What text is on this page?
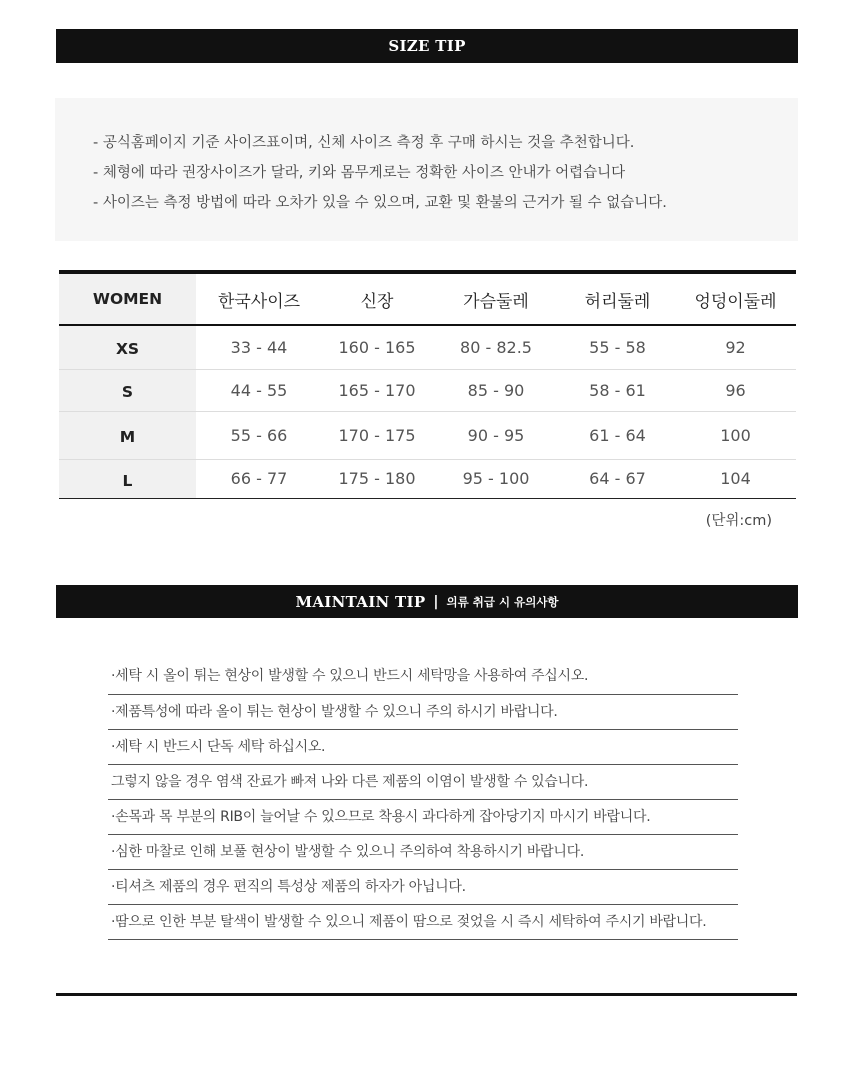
SIZE TIP
- 공식홈페이지 기준 사이즈표이며, 신체 사이즈 측정 후 구매 하시는 것을 추천합니다.
- 체형에 따라 권장사이즈가 달라, 키와 몸무게로는 정확한 사이즈 안내가 어렵습니다
- 사이즈는 측정 방법에 따라 오차가 있을 수 있으며, 교환 및 환불의 근거가 될 수 없습니다.
WOMEN	한국사이즈	신장	가슴둘레	허리둘레	엉덩이둘레
XS	33 - 44	160 - 165	80 - 82.5	55 - 58	92
S	44 - 55	165 - 170	85 - 90	58 - 61	96
M	55 - 66	170 - 175	90 - 95	61 - 64	100
L	66 - 77	175 - 180	95 - 100	64 - 67	104
(단위:cm)
MAINTAIN TIP | 의류 취급 시 유의사항
·세탁 시 올이 튀는 현상이 발생할 수 있으니 반드시 세탁망을 사용하여 주십시오.
·제품특성에 따라 올이 튀는 현상이 발생할 수 있으니 주의 하시기 바랍니다.
·세탁 시 반드시 단독 세탁 하십시오.
그렇지 않을 경우 염색 잔료가 빠져 나와 다른 제품의 이염이 발생할 수 있습니다.
·손목과 목 부분의 RIB이 늘어날 수 있으므로 착용시 과다하게 잡아당기지 마시기 바랍니다.
·심한 마찰로 인해 보풀 현상이 발생할 수 있으니 주의하여 착용하시기 바랍니다.
·티셔츠 제품의 경우 편직의 특성상 제품의 하자가 아닙니다.
·땀으로 인한 부분 탈색이 발생할 수 있으니 제품이 땀으로 젖었을 시 즉시 세탁하여 주시기 바랍니다.
